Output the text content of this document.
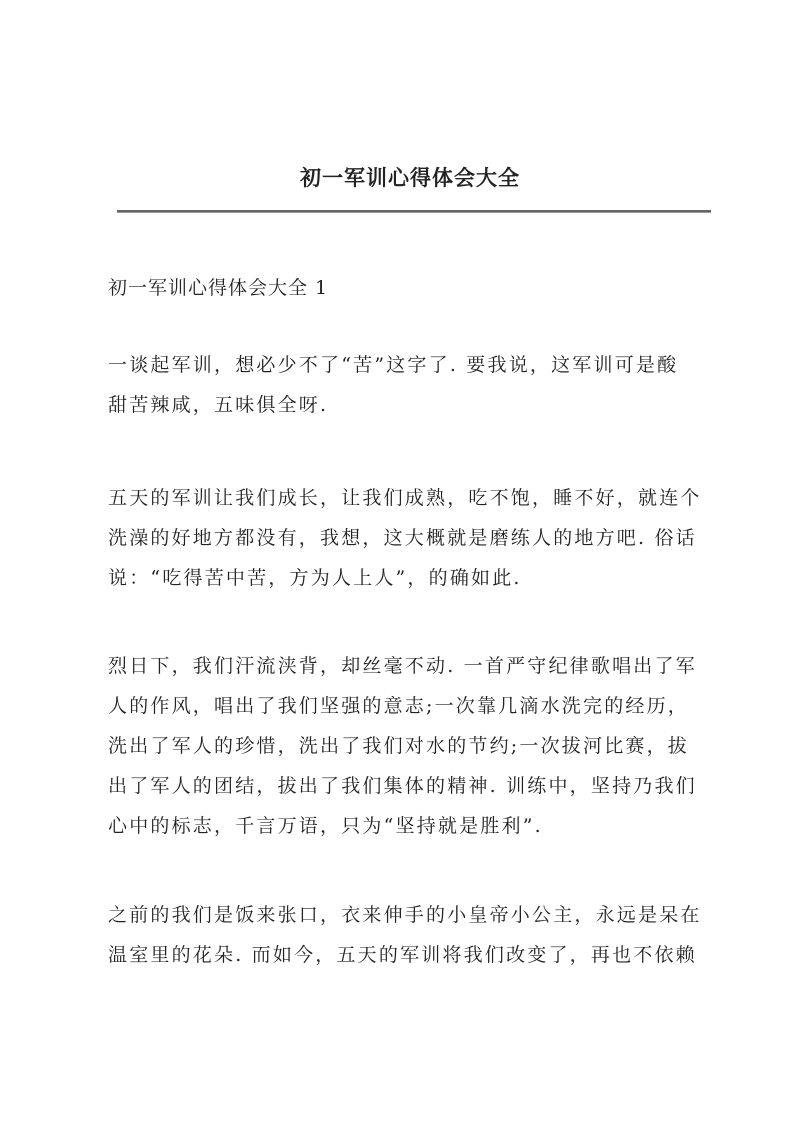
初一军训心得体会大全
初一军训心得体会大全 1
一谈起军训，想必少不了“苦”这字了. 要我说，这军训可是酸
甜苦辣咸，五味俱全呀.
五天的军训让我们成长，让我们成熟，吃不饱，睡不好，就连个
洗澡的好地方都没有，我想，这大概就是磨练人的地方吧. 俗话
说：“吃得苦中苦，方为人上人”，的确如此.
烈日下，我们汗流浃背，却丝毫不动. 一首严守纪律歌唱出了军
人的作风，唱出了我们坚强的意志;一次靠几滴水洗完的经历，
洗出了军人的珍惜，洗出了我们对水的节约;一次拔河比赛，拔
出了军人的团结，拔出了我们集体的精神. 训练中，坚持乃我们
心中的标志，千言万语，只为“坚持就是胜利”.
之前的我们是饭来张口，衣来伸手的小皇帝小公主，永远是呆在
温室里的花朵. 而如今，五天的军训将我们改变了，再也不依赖
